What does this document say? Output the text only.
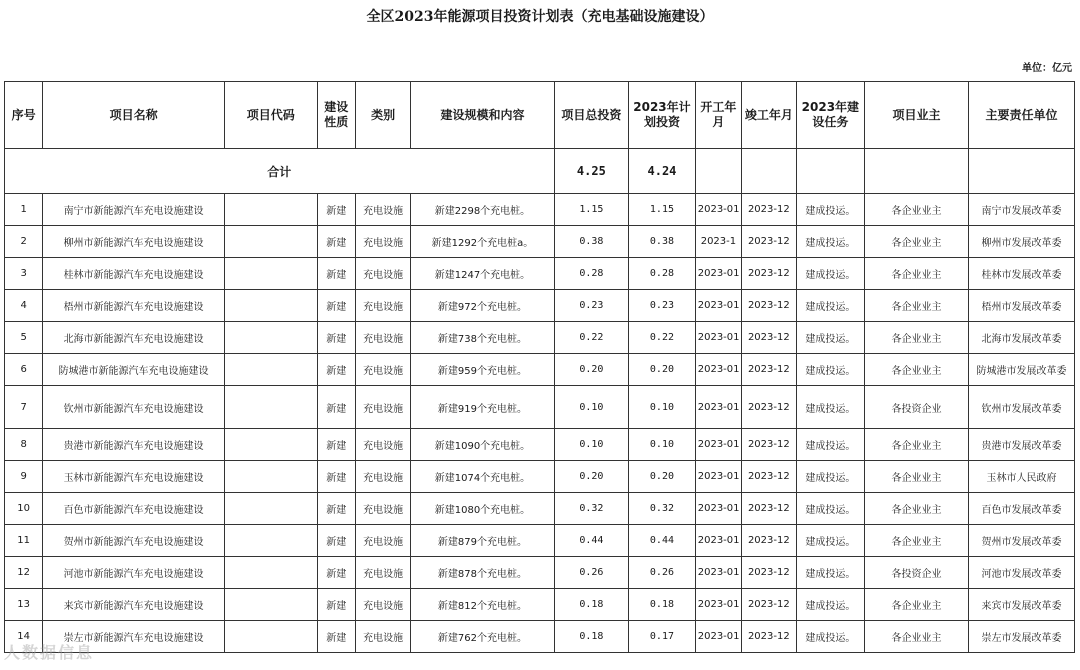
全区2023年能源项目投资计划表（充电基础设施建设）
单位：亿元
序号	项目名称	项目代码	建设性质	类别	建设规模和内容	项目总投资	2023年计划投资	开工年月	竣工年月	2023年建设任务	项目业主	主要责任单位
合计						4.25	4.24					
1	南宁市新能源汽车充电设施建设		新建	充电设施	新建2298个充电桩。	1.15	1.15	2023-01	2023-12	建成投运。	各企业业主	南宁市发展改革委
2	柳州市新能源汽车充电设施建设		新建	充电设施	新建1292个充电桩a。	0.38	0.38	2023-1	2023-12	建成投运。	各企业业主	柳州市发展改革委
3	桂林市新能源汽车充电设施建设		新建	充电设施	新建1247个充电桩。	0.28	0.28	2023-01	2023-12	建成投运。	各企业业主	桂林市发展改革委
4	梧州市新能源汽车充电设施建设		新建	充电设施	新建972个充电桩。	0.23	0.23	2023-01	2023-12	建成投运。	各企业业主	梧州市发展改革委
5	北海市新能源汽车充电设施建设		新建	充电设施	新建738个充电桩。	0.22	0.22	2023-01	2023-12	建成投运。	各企业业主	北海市发展改革委
6	防城港市新能源汽车充电设施建设		新建	充电设施	新建959个充电桩。	0.20	0.20	2023-01	2023-12	建成投运。	各企业业主	防城港市发展改革委
7	钦州市新能源汽车充电设施建设		新建	充电设施	新建919个充电桩。	0.10	0.10	2023-01	2023-12	建成投运。	各投资企业	钦州市发展改革委
8	贵港市新能源汽车充电设施建设		新建	充电设施	新建1090个充电桩。	0.10	0.10	2023-01	2023-12	建成投运。	各企业业主	贵港市发展改革委
9	玉林市新能源汽车充电设施建设		新建	充电设施	新建1074个充电桩。	0.20	0.20	2023-01	2023-12	建成投运。	各企业业主	玉林市人民政府
10	百色市新能源汽车充电设施建设		新建	充电设施	新建1080个充电桩。	0.32	0.32	2023-01	2023-12	建成投运。	各企业业主	百色市发展改革委
11	贺州市新能源汽车充电设施建设		新建	充电设施	新建879个充电桩。	0.44	0.44	2023-01	2023-12	建成投运。	各企业业主	贺州市发展改革委
12	河池市新能源汽车充电设施建设		新建	充电设施	新建878个充电桩。	0.26	0.26	2023-01	2023-12	建成投运。	各投资企业	河池市发展改革委
13	来宾市新能源汽车充电设施建设		新建	充电设施	新建812个充电桩。	0.18	0.18	2023-01	2023-12	建成投运。	各企业业主	来宾市发展改革委
14	崇左市新能源汽车充电设施建设		新建	充电设施	新建762个充电桩。	0.18	0.17	2023-01	2023-12	建成投运。	各企业业主	崇左市发展改革委
人数据信息
